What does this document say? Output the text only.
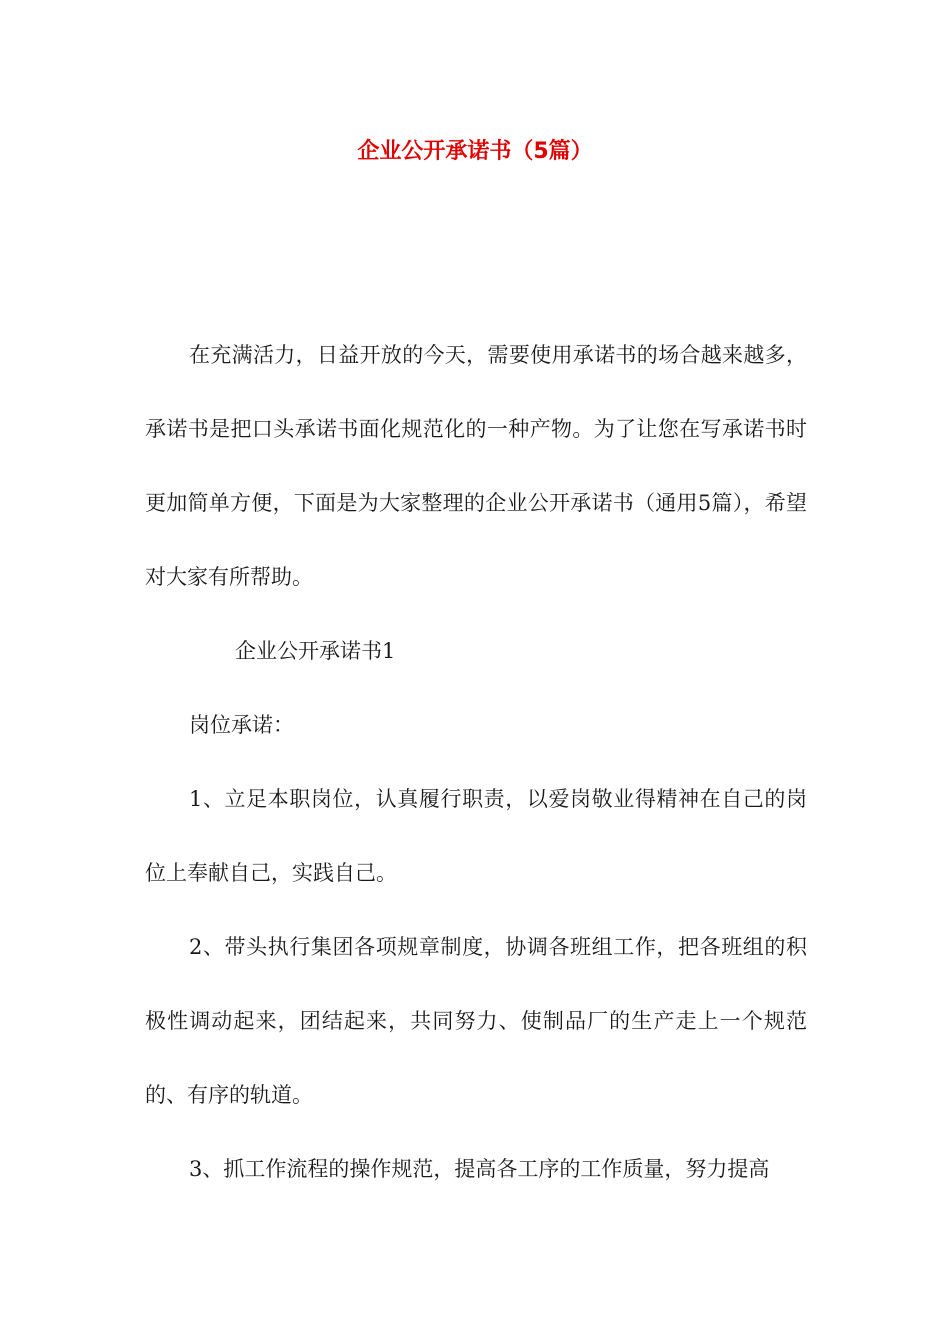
企业公开承诺书（5篇）

在充满活力，日益开放的今天，需要使用承诺书的场合越来越多，承诺书是把口头承诺书面化规范化的一种产物。为了让您在写承诺书时更加简单方便，下面是为大家整理的企业公开承诺书（通用5篇），希望对大家有所帮助。

企业公开承诺书1

岗位承诺：

1、立足本职岗位，认真履行职责，以爱岗敬业得精神在自己的岗位上奉献自己，实践自己。

2、带头执行集团各项规章制度，协调各班组工作，把各班组的积极性调动起来，团结起来，共同努力、使制品厂的生产走上一个规范的、有序的轨道。

3、抓工作流程的操作规范，提高各工序的工作质量，努力提高
